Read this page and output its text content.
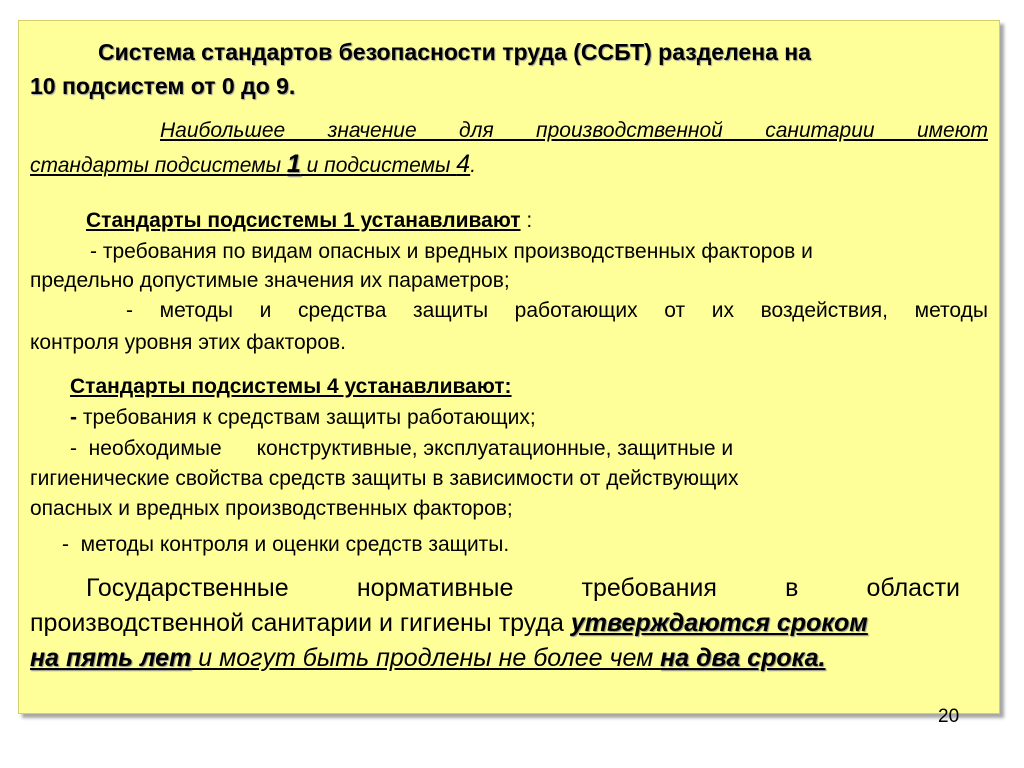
Система стандартов безопасности труда (ССБТ) разделена на
10 подсистем от 0 до 9.
Наибольшее значение для производственной санитарии имеют
стандарты подсистемы 1 и подсистемы 4.
Стандарты подсистемы 1 устанавливают :
- требования по видам опасных и вредных производственных факторов и
предельно допустимые значения их параметров;
- методы и средства защиты работающих от их воздействия, методы
контроля уровня этих факторов.
Стандарты подсистемы 4 устанавливают:
- требования к средствам защиты работающих;
-  необходимые      конструктивные, эксплуатационные, защитные и
гигиенические свойства средств защиты в зависимости от действующих
опасных и вредных производственных факторов;
-  методы контроля и оценки средств защиты.
Государственные нормативные требования в области
производственной санитарии и гигиены труда утверждаются сроком
на пять лет и могут быть продлены не более чем на два срока.
20
